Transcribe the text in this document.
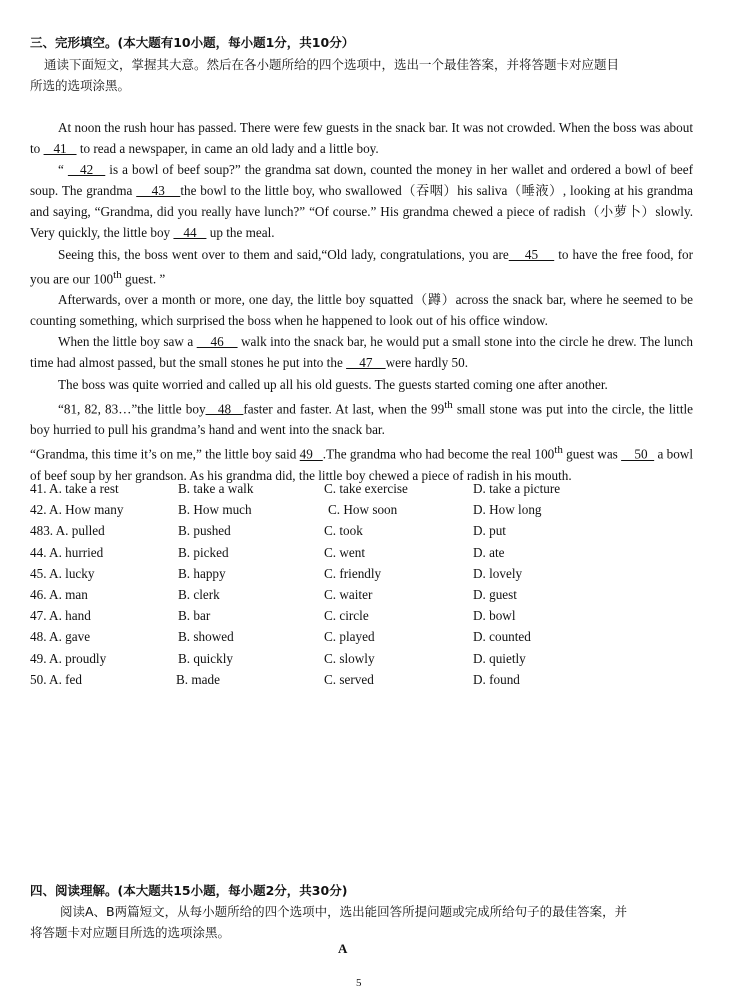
三、完形填空。(本大题有10小题，每小题1分，共10分）
通读下面短文，掌握其大意。然后在各小题所给的四个选项中，选出一个最佳答案，并将答题卡对应题目
所选的选项涂黑。

At noon the rush hour has passed. There were few guests in the snack bar. It was not crowded. When the boss was about to    41    to read a newspaper, in came an old lady and a little boy.

“    42    is a bowl of beef soup?” the grandma sat down, counted the money in her wallet and ordered a bowl of beef soup. The grandma     43    the bowl to the little boy, who swallowed（吞咽）his saliva（唾液）, looking at his grandma and saying, “Grandma, did you really have lunch?” “Of course.” His grandma chewed a piece of radish（小萝卜）slowly. Very quickly, the little boy    44    up the meal.

Seeing this, the boss went over to them and said,“Old lady, congratulations, you are    45     to have the free food, for you are our 100th guest. ”

Afterwards, over a month or more, one day, the little boy squatted（蹲）across the snack bar, where he seemed to be counting something, which surprised the boss when he happened to look out of his office window.

When the little boy saw a     46     walk into the snack bar, he would put a small stone into the circle he drew. The lunch time had almost passed, but the small stones he put into the     47    were hardly 50.

The boss was quite worried and called up all his old guests. The guests started coming one after another.

“81, 82, 83…”the little boy   48   faster and faster. At last, when the 99th small stone was put into the circle, the little boy hurried to pull his grandma’s hand and went into the snack bar.

“Grandma, this time it’s on me,” the little boy said 49   .The grandma who had become the real 100th guest was     50   a bowl of beef soup by her grandson. As his grandma did, the little boy chewed a piece of radish in his mouth.

41. A. take a rest	B. take a walk	C. take exercise	D. take a picture
42. A. How many	B. How much	C. How soon	D. How long
483. A. pulled	B. pushed	C. took	D. put
44. A. hurried	B. picked	C. went	D. ate
45. A. lucky	B. happy	C. friendly	D. lovely
46. A. man	B. clerk	C. waiter	D. guest
47. A. hand	B. bar	C. circle	D. bowl
48. A. gave	B. showed	C. played	D. counted
49. A. proudly	B. quickly	C. slowly	D. quietly
50. A. fed	B. made	C. served	D. found
四、阅读理解。(本大题共15小题，每小题2分，共30分)
阅读A、B两篇短文，从每小题所给的四个选项中，选出能回答所提问题或完成所给句子的最佳答案，并
将答题卡对应题目所选的选项涂黑。
A
5
